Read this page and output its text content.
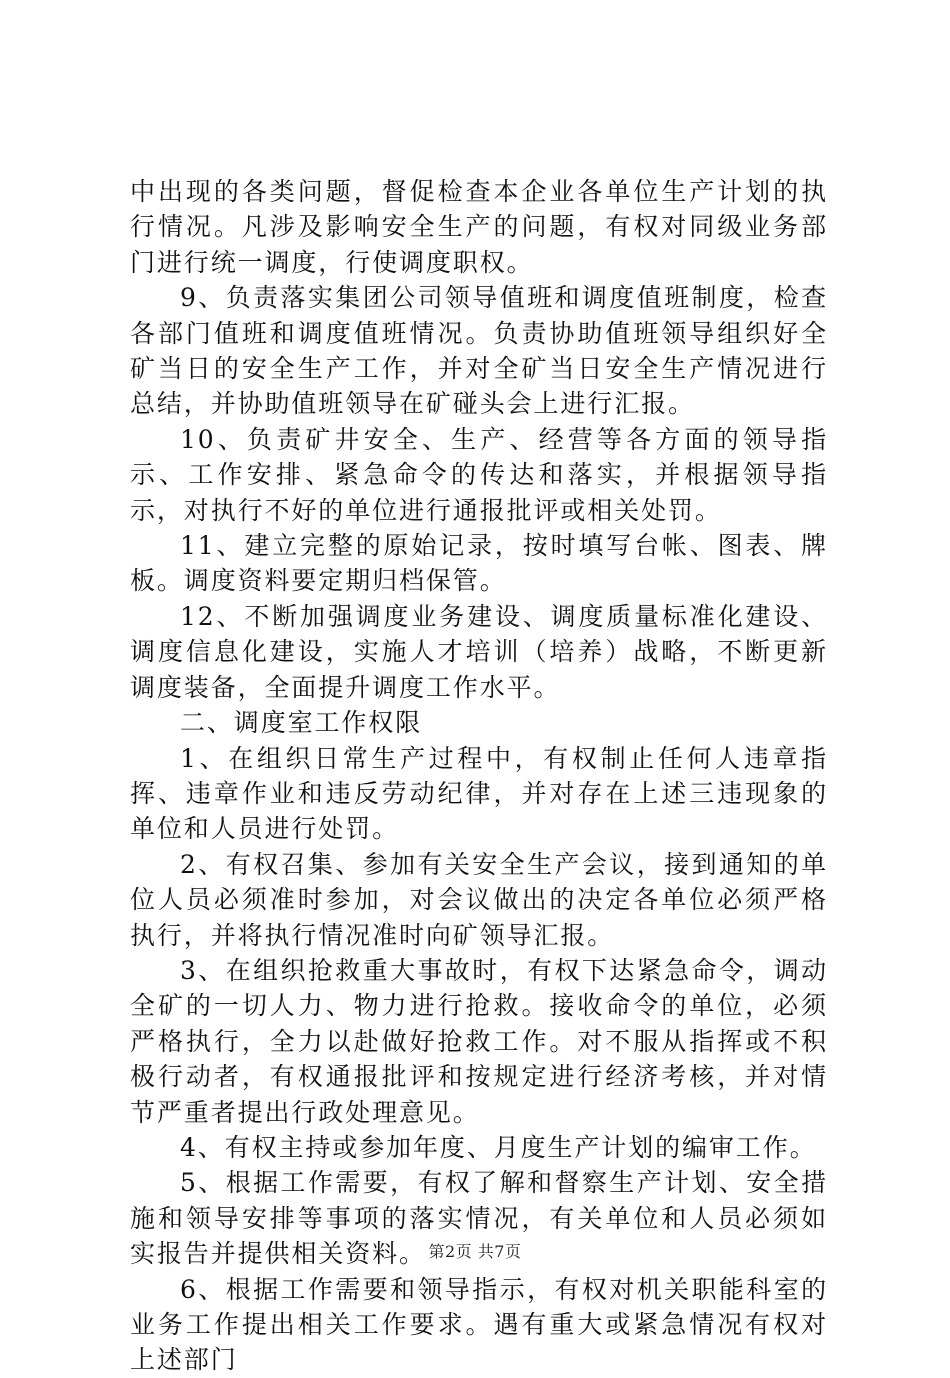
中出现的各类问题，督促检查本企业各单位生产计划的执行情况。凡涉及影响安全生产的问题，有权对同级业务部门进行统一调度，行使调度职权。

9、负责落实集团公司领导值班和调度值班制度，检查各部门值班和调度值班情况。负责协助值班领导组织好全矿当日的安全生产工作，并对全矿当日安全生产情况进行总结，并协助值班领导在矿碰头会上进行汇报。

10、负责矿井安全、生产、经营等各方面的领导指示、工作安排、紧急命令的传达和落实，并根据领导指示，对执行不好的单位进行通报批评或相关处罚。

11、建立完整的原始记录，按时填写台帐、图表、牌板。调度资料要定期归档保管。

12、不断加强调度业务建设、调度质量标准化建设、调度信息化建设，实施人才培训（培养）战略，不断更新调度装备，全面提升调度工作水平。

二、调度室工作权限

1、在组织日常生产过程中，有权制止任何人违章指挥、违章作业和违反劳动纪律，并对存在上述三违现象的单位和人员进行处罚。

2、有权召集、参加有关安全生产会议，接到通知的单位人员必须准时参加，对会议做出的决定各单位必须严格执行，并将执行情况准时向矿领导汇报。

3、在组织抢救重大事故时，有权下达紧急命令，调动全矿的一切人力、物力进行抢救。接收命令的单位，必须严格执行，全力以赴做好抢救工作。对不服从指挥或不积极行动者，有权通报批评和按规定进行经济考核，并对情节严重者提出行政处理意见。

4、有权主持或参加年度、月度生产计划的编审工作。

5、根据工作需要，有权了解和督察生产计划、安全措施和领导安排等事项的落实情况，有关单位和人员必须如实报告并提供相关资料。

6、根据工作需要和领导指示，有权对机关职能科室的业务工作提出相关工作要求。遇有重大或紧急情况有权对上述部门

第2页 共7页
